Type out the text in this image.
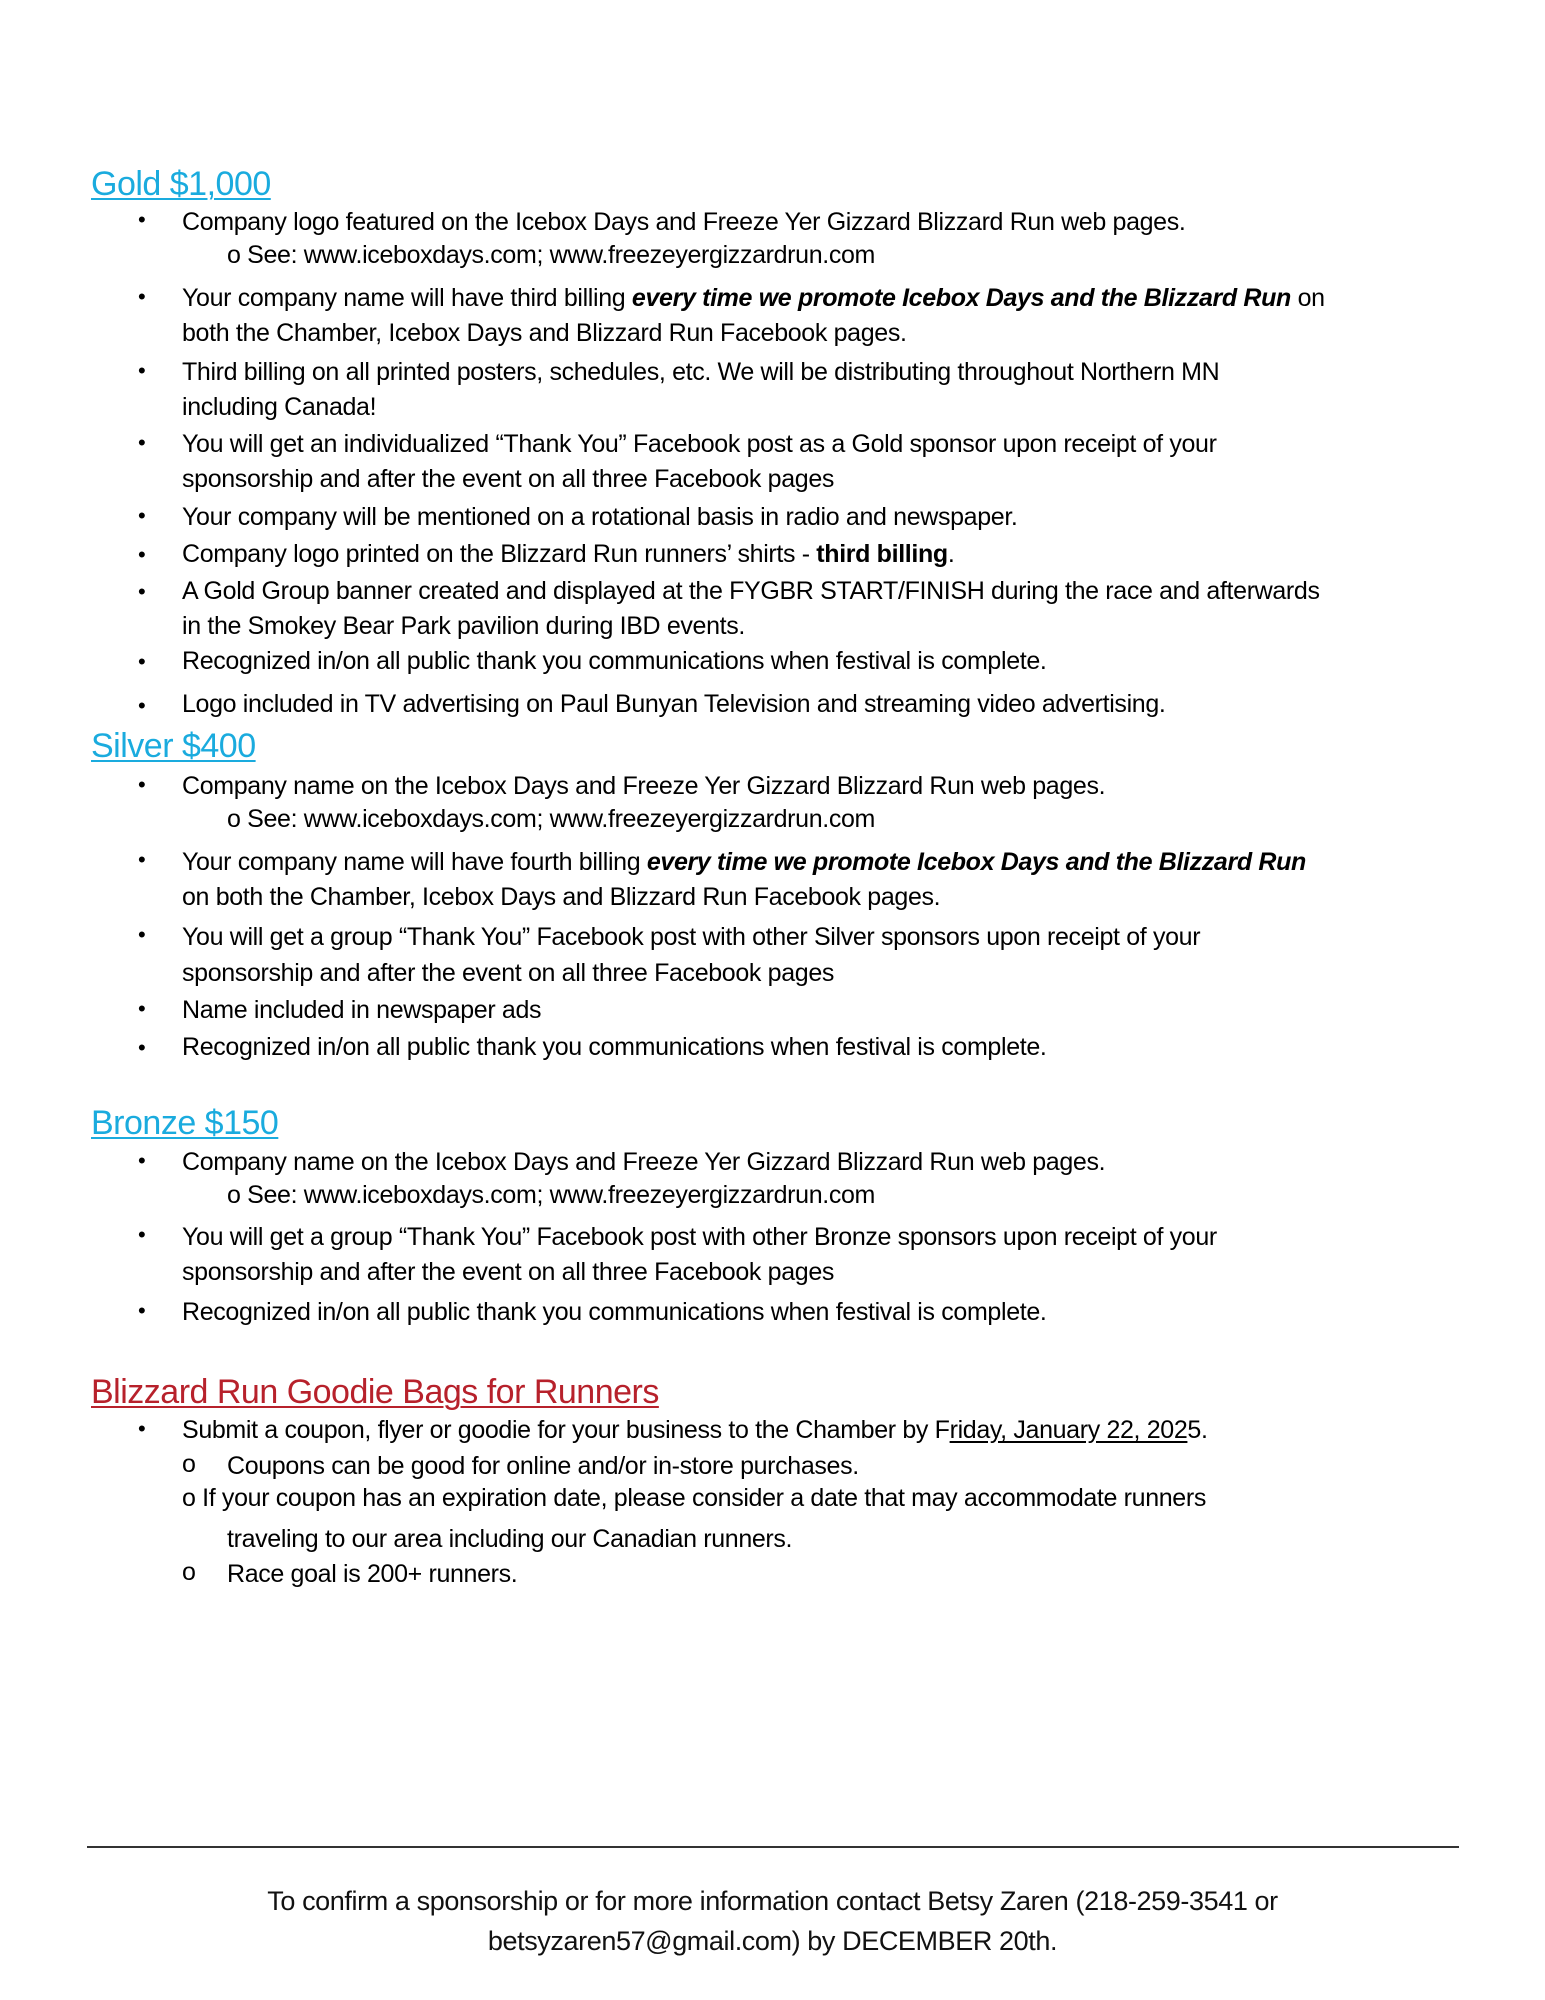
Gold $1,000
• Company logo featured on the Icebox Days and Freeze Yer Gizzard Blizzard Run web pages.
o See: www.iceboxdays.com; www.freezeyergizzardrun.com
• Your company name will have third billing every time we promote Icebox Days and the Blizzard Run on
both the Chamber, Icebox Days and Blizzard Run Facebook pages.
• Third billing on all printed posters, schedules, etc. We will be distributing throughout Northern MN
including Canada!
• You will get an individualized “Thank You” Facebook post as a Gold sponsor upon receipt of your
sponsorship and after the event on all three Facebook pages
• Your company will be mentioned on a rotational basis in radio and newspaper.
• Company logo printed on the Blizzard Run runners’ shirts - third billing.
• A Gold Group banner created and displayed at the FYGBR START/FINISH during the race and afterwards
in the Smokey Bear Park pavilion during IBD events.
• Recognized in/on all public thank you communications when festival is complete.
• Logo included in TV advertising on Paul Bunyan Television and streaming video advertising.
Silver $400
• Company name on the Icebox Days and Freeze Yer Gizzard Blizzard Run web pages.
o See: www.iceboxdays.com; www.freezeyergizzardrun.com
• Your company name will have fourth billing every time we promote Icebox Days and the Blizzard Run
on both the Chamber, Icebox Days and Blizzard Run Facebook pages.
• You will get a group “Thank You” Facebook post with other Silver sponsors upon receipt of your
sponsorship and after the event on all three Facebook pages
• Name included in newspaper ads
• Recognized in/on all public thank you communications when festival is complete.
Bronze $150
• Company name on the Icebox Days and Freeze Yer Gizzard Blizzard Run web pages.
o See: www.iceboxdays.com; www.freezeyergizzardrun.com
• You will get a group “Thank You” Facebook post with other Bronze sponsors upon receipt of your
sponsorship and after the event on all three Facebook pages
• Recognized in/on all public thank you communications when festival is complete.
Blizzard Run Goodie Bags for Runners
• Submit a coupon, flyer or goodie for your business to the Chamber by Friday, January 22, 2025.
o Coupons can be good for online and/or in-store purchases.
o If your coupon has an expiration date, please consider a date that may accommodate runners
traveling to our area including our Canadian runners.
o Race goal is 200+ runners.
To confirm a sponsorship or for more information contact Betsy Zaren (218-259-3541 or
betsyzaren57@gmail.com) by DECEMBER 20th.
